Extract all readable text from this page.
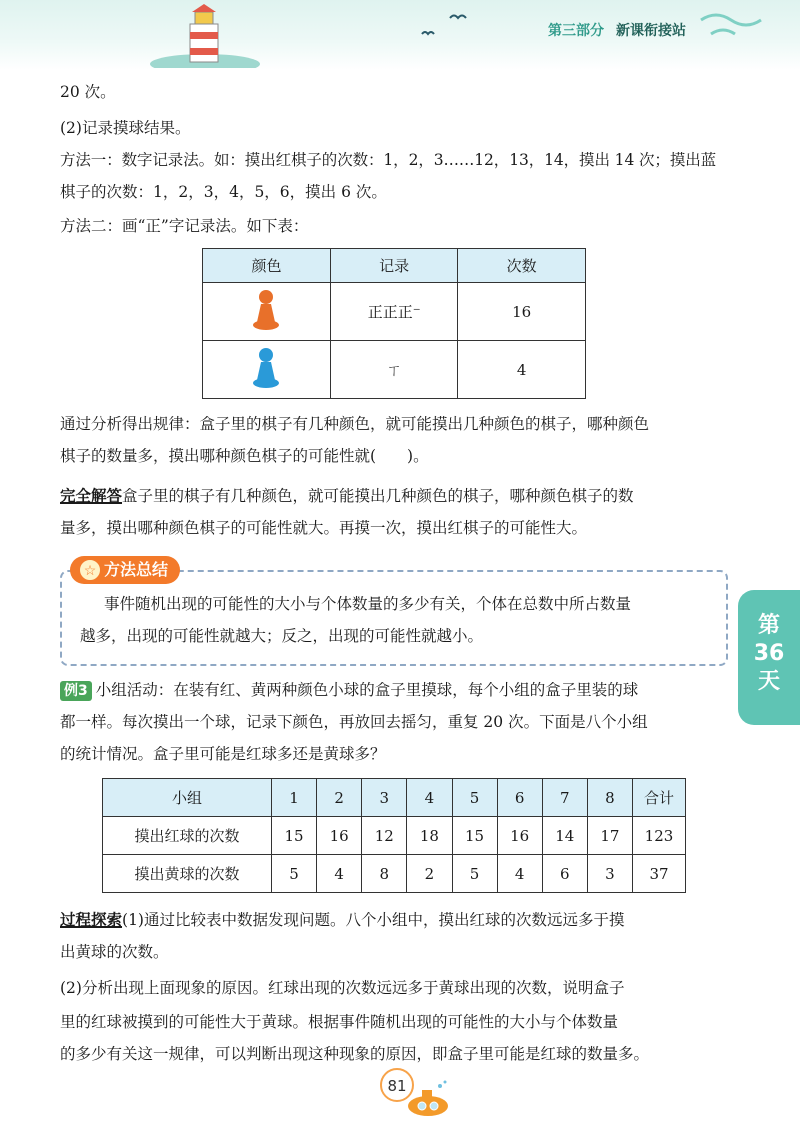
第三部分 新课衔接站
20 次。
(2)记录摸球结果。
方法一：数字记录法。如：摸出红棋子的次数：1，2，3……12，13，14，摸出 14 次；摸出蓝
棋子的次数：1，2，3，4，5，6，摸出 6 次。
方法二：画“正”字记录法。如下表：
颜色	记录	次数
	正正正⁻	16
	ㄒ	4
通过分析得出规律：盒子里的棋子有几种颜色，就可能摸出几种颜色的棋子，哪种颜色
棋子的数量多，摸出哪种颜色棋子的可能性就(　　)。
完全解答盒子里的棋子有几种颜色，就可能摸出几种颜色的棋子，哪种颜色棋子的数
量多，摸出哪种颜色棋子的可能性就大。再摸一次，摸出红棋子的可能性大。
方法总结
☆
事件随机出现的可能性的大小与个体数量的多少有关，个体在总数中所占数量
越多，出现的可能性就越大；反之，出现的可能性就越小。	第
36
天
例3 小组活动：在装有红、黄两种颜色小球的盒子里摸球，每个小组的盒子里装的球
都一样。每次摸出一个球，记录下颜色，再放回去摇匀，重复 20 次。下面是八个小组
的统计情况。盒子里可能是红球多还是黄球多？
小组	1	2	3	4	5	6	7	8	合计
摸出红球的次数	15	16	12	18	15	16	14	17	123
摸出黄球的次数	5	4	8	2	5	4	6	3	37
过程探索(1)通过比较表中数据发现问题。八个小组中，摸出红球的次数远远多于摸
出黄球的次数。
(2)分析出现上面现象的原因。红球出现的次数远远多于黄球出现的次数，说明盒子
里的红球被摸到的可能性大于黄球。根据事件随机出现的可能性的大小与个体数量
的多少有关这一规律，可以判断出现这种现象的原因，即盒子里可能是红球的数量多。
81
